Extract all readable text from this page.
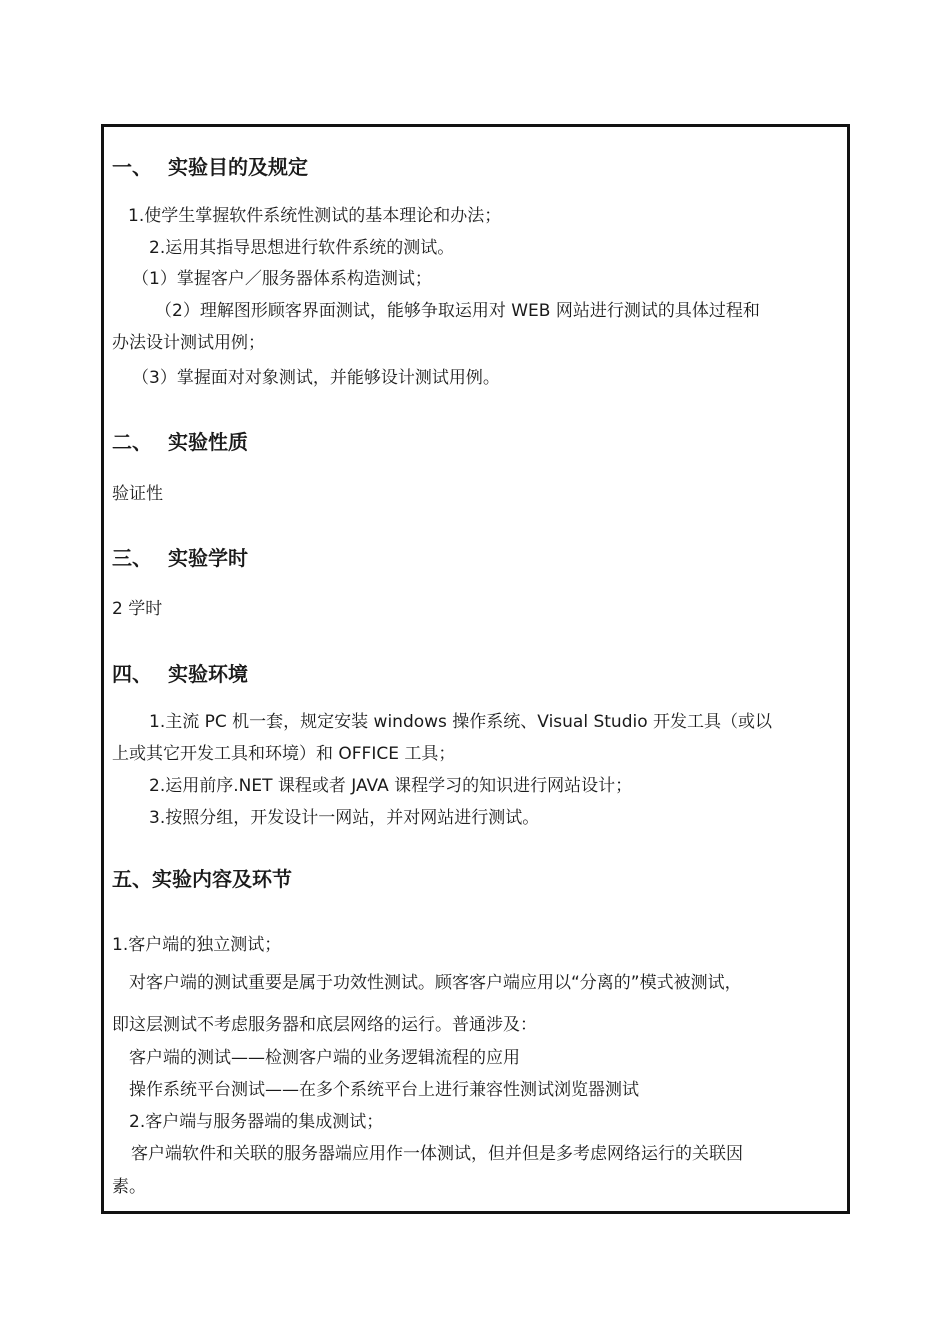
一、 实验目的及规定
1.使学生掌握软件系统性测试的基本理论和办法；
2.运用其指导思想进行软件系统的测试。
（1）掌握客户／服务器体系构造测试；
（2）理解图形顾客界面测试，能够争取运用对 WEB 网站进行测试的具体过程和
办法设计测试用例；
（3）掌握面对对象测试，并能够设计测试用例。
二、 实验性质
验证性
三、 实验学时
2 学时
四、 实验环境
1.主流 PC 机一套，规定安装 windows 操作系统、Visual Studio 开发工具（或以
上或其它开发工具和环境）和 OFFICE 工具；
2.运用前序.NET 课程或者 JAVA 课程学习的知识进行网站设计；
3.按照分组，开发设计一网站，并对网站进行测试。
五、实验内容及环节
1.客户端的独立测试；
对客户端的测试重要是属于功效性测试。顾客客户端应用以“分离的”模式被测试，
即这层测试不考虑服务器和底层网络的运行。普通涉及：
客户端的测试——检测客户端的业务逻辑流程的应用
操作系统平台测试——在多个系统平台上进行兼容性测试浏览器测试
2.客户端与服务器端的集成测试；
客户端软件和关联的服务器端应用作一体测试，但并但是多考虑网络运行的关联因
素。
